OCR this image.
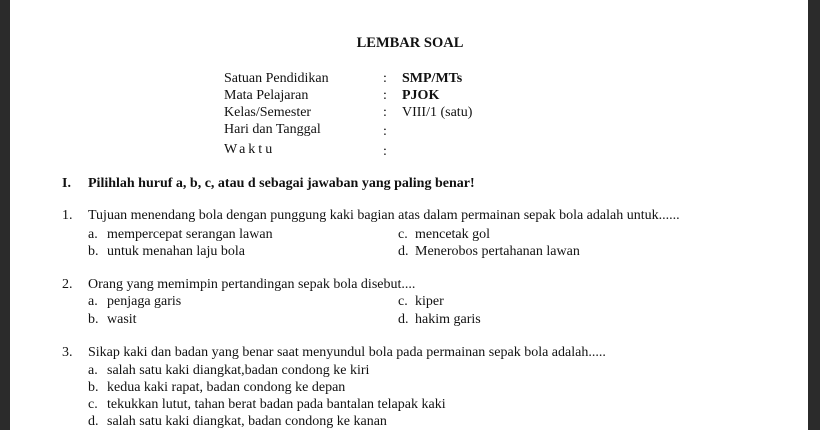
LEMBAR SOAL
Satuan Pendidikan	: SMP/MTs
Mata Pelajaran	: PJOK
Kelas/Semester	: VIII/1 (satu)
Hari dan Tanggal	:
Waktu	:
I. Pilihlah huruf a, b, c, atau d sebagai jawaban yang paling benar!
1. Tujuan menendang bola dengan punggung kaki bagian atas dalam permainan sepak bola adalah untuk......
a. mempercepat serangan lawan
b. untuk menahan laju bola
c. mencetak gol
d. Menerobos pertahanan lawan
2. Orang yang memimpin pertandingan sepak bola disebut....
a. penjaga garis
b. wasit
c. kiper
d. hakim garis
3. Sikap kaki dan badan yang benar saat menyundul bola pada permainan sepak bola adalah.....
a. salah satu kaki diangkat,badan condong ke kiri
b. kedua kaki rapat, badan condong ke depan
c. tekukkan lutut, tahan berat badan pada bantalan telapak kaki
d. salah satu kaki diangkat, badan condong ke kanan
